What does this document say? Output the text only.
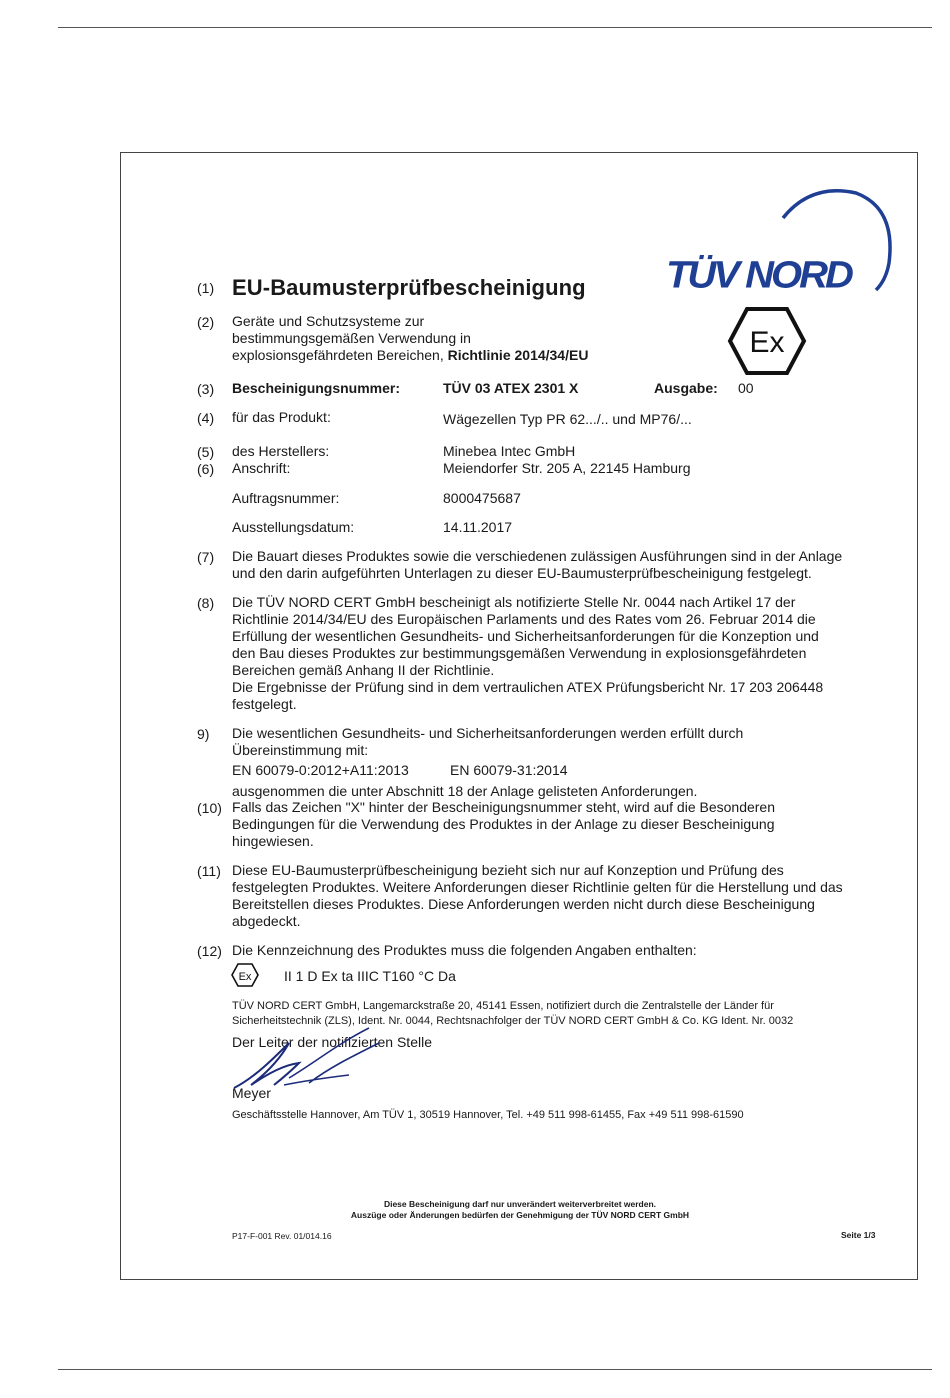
TÜV NORD
Ex
(1) EU-Baumusterprüfbescheinigung
(2) Geräte und Schutzsysteme zur
bestimmungsgemäßen Verwendung in
explosionsgefährdeten Bereichen, Richtlinie 2014/34/EU
(3) Bescheinigungsnummer:	TÜV 03 ATEX 2301 X	Ausgabe: 00
(4) für das Produkt:	Wägezellen Typ PR 62.../.. und MP76/...
(5) des Herstellers:	Minebea Intec GmbH
(6) Anschrift:	Meiendorfer Str. 205 A, 22145 Hamburg
Auftragsnummer:	8000475687
Ausstellungsdatum:	14.11.2017
(7) Die Bauart dieses Produktes sowie die verschiedenen zulässigen Ausführungen sind in der Anlage
und den darin aufgeführten Unterlagen zu dieser EU-Baumusterprüfbescheinigung festgelegt.
(8) Die TÜV NORD CERT GmbH bescheinigt als notifizierte Stelle Nr. 0044 nach Artikel 17 der
Richtlinie 2014/34/EU des Europäischen Parlaments und des Rates vom 26. Februar 2014 die
Erfüllung der wesentlichen Gesundheits- und Sicherheitsanforderungen für die Konzeption und
den Bau dieses Produktes zur bestimmungsgemäßen Verwendung in explosionsgefährdeten
Bereichen gemäß Anhang II der Richtlinie.
Die Ergebnisse der Prüfung sind in dem vertraulichen ATEX Prüfungsbericht Nr. 17 203 206448
festgelegt.
9) Die wesentlichen Gesundheits- und Sicherheitsanforderungen werden erfüllt durch
Übereinstimmung mit:
EN 60079-0:2012+A11:2013	EN 60079-31:2014
ausgenommen die unter Abschnitt 18 der Anlage gelisteten Anforderungen.
(10) Falls das Zeichen "X" hinter der Bescheinigungsnummer steht, wird auf die Besonderen
Bedingungen für die Verwendung des Produktes in der Anlage zu dieser Bescheinigung
hingewiesen.
(11) Diese EU-Baumusterprüfbescheinigung bezieht sich nur auf Konzeption und Prüfung des
festgelegten Produktes. Weitere Anforderungen dieser Richtlinie gelten für die Herstellung und das
Bereitstellen dieses Produktes. Diese Anforderungen werden nicht durch diese Bescheinigung
abgedeckt.
(12) Die Kennzeichnung des Produktes muss die folgenden Angaben enthalten:
Ex II 1 D Ex ta IIIC T160 °C Da
TÜV NORD CERT GmbH, Langemarckstraße 20, 45141 Essen, notifiziert durch die Zentralstelle der Länder für
Sicherheitstechnik (ZLS), Ident. Nr. 0044, Rechtsnachfolger der TÜV NORD CERT GmbH & Co. KG Ident. Nr. 0032
Der Leiter der notifizierten Stelle
Meyer
Geschäftsstelle Hannover, Am TÜV 1, 30519 Hannover, Tel. +49 511 998-61455, Fax +49 511 998-61590
Diese Bescheinigung darf nur unverändert weiterverbreitet werden.
Auszüge oder Änderungen bedürfen der Genehmigung der TÜV NORD CERT GmbH
P17-F-001 Rev. 01/014.16	Seite 1/3
